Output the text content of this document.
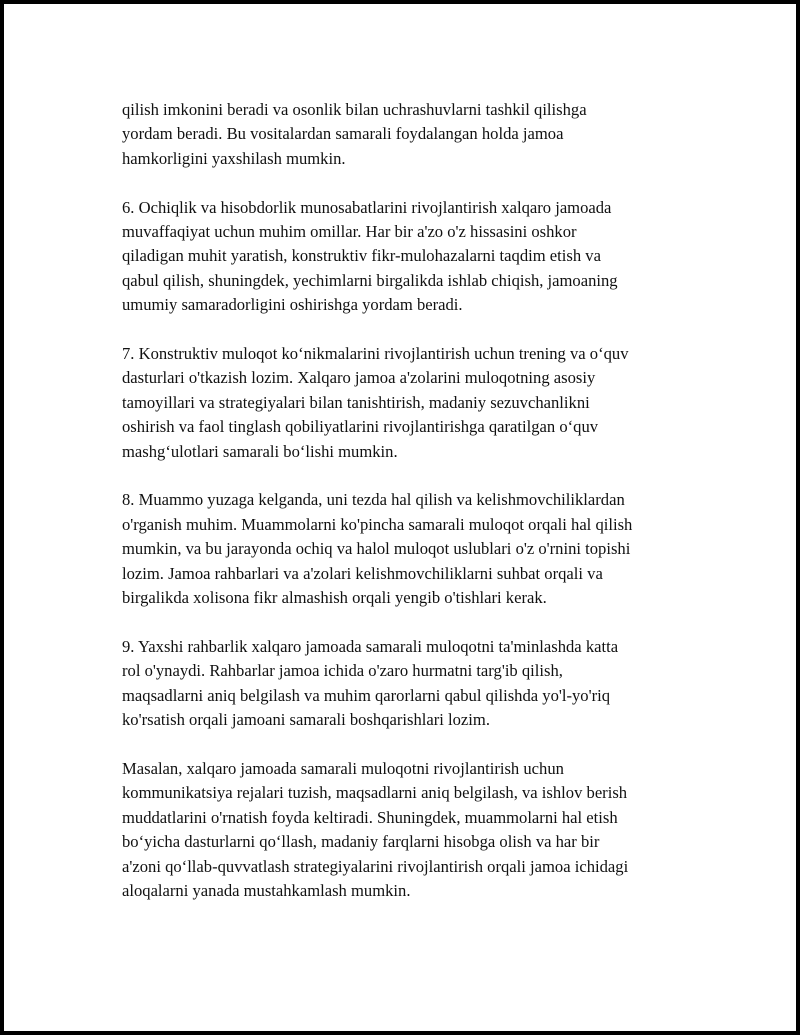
qilish imkonini beradi va osonlik bilan uchrashuvlarni tashkil qilishga
yordam beradi. Bu vositalardan samarali foydalangan holda jamoa
hamkorligini yaxshilash mumkin.

6. Ochiqlik va hisobdorlik munosabatlarini rivojlantirish xalqaro jamoada
muvaffaqiyat uchun muhim omillar. Har bir a'zo o'z hissasini oshkor
qiladigan muhit yaratish, konstruktiv fikr-mulohazalarni taqdim etish va
qabul qilish, shuningdek, yechimlarni birgalikda ishlab chiqish, jamoaning
umumiy samaradorligini oshirishga yordam beradi.

7. Konstruktiv muloqot koʻnikmalarini rivojlantirish uchun trening va oʻquv
dasturlari o'tkazish lozim. Xalqaro jamoa a'zolarini muloqotning asosiy
tamoyillari va strategiyalari bilan tanishtirish, madaniy sezuvchanlikni
oshirish va faol tinglash qobiliyatlarini rivojlantirishga qaratilgan oʻquv
mashgʻulotlari samarali boʻlishi mumkin.

8. Muammo yuzaga kelganda, uni tezda hal qilish va kelishmovchiliklardan
o'rganish muhim. Muammolarni ko'pincha samarali muloqot orqali hal qilish
mumkin, va bu jarayonda ochiq va halol muloqot uslublari o'z o'rnini topishi
lozim. Jamoa rahbarlari va a'zolari kelishmovchiliklarni suhbat orqali va
birgalikda xolisona fikr almashish orqali yengib o'tishlari kerak.

9. Yaxshi rahbarlik xalqaro jamoada samarali muloqotni ta'minlashda katta
rol o'ynaydi. Rahbarlar jamoa ichida o'zaro hurmatni targ'ib qilish,
maqsadlarni aniq belgilash va muhim qarorlarni qabul qilishda yo'l-yo'riq
ko'rsatish orqali jamoani samarali boshqarishlari lozim.

Masalan, xalqaro jamoada samarali muloqotni rivojlantirish uchun
kommunikatsiya rejalari tuzish, maqsadlarni aniq belgilash, va ishlov berish
muddatlarini o'rnatish foyda keltiradi. Shuningdek, muammolarni hal etish
boʻyicha dasturlarni qoʻllash, madaniy farqlarni hisobga olish va har bir
a'zoni qoʻllab-quvvatlash strategiyalarini rivojlantirish orqali jamoa ichidagi
aloqalarni yanada mustahkamlash mumkin.
